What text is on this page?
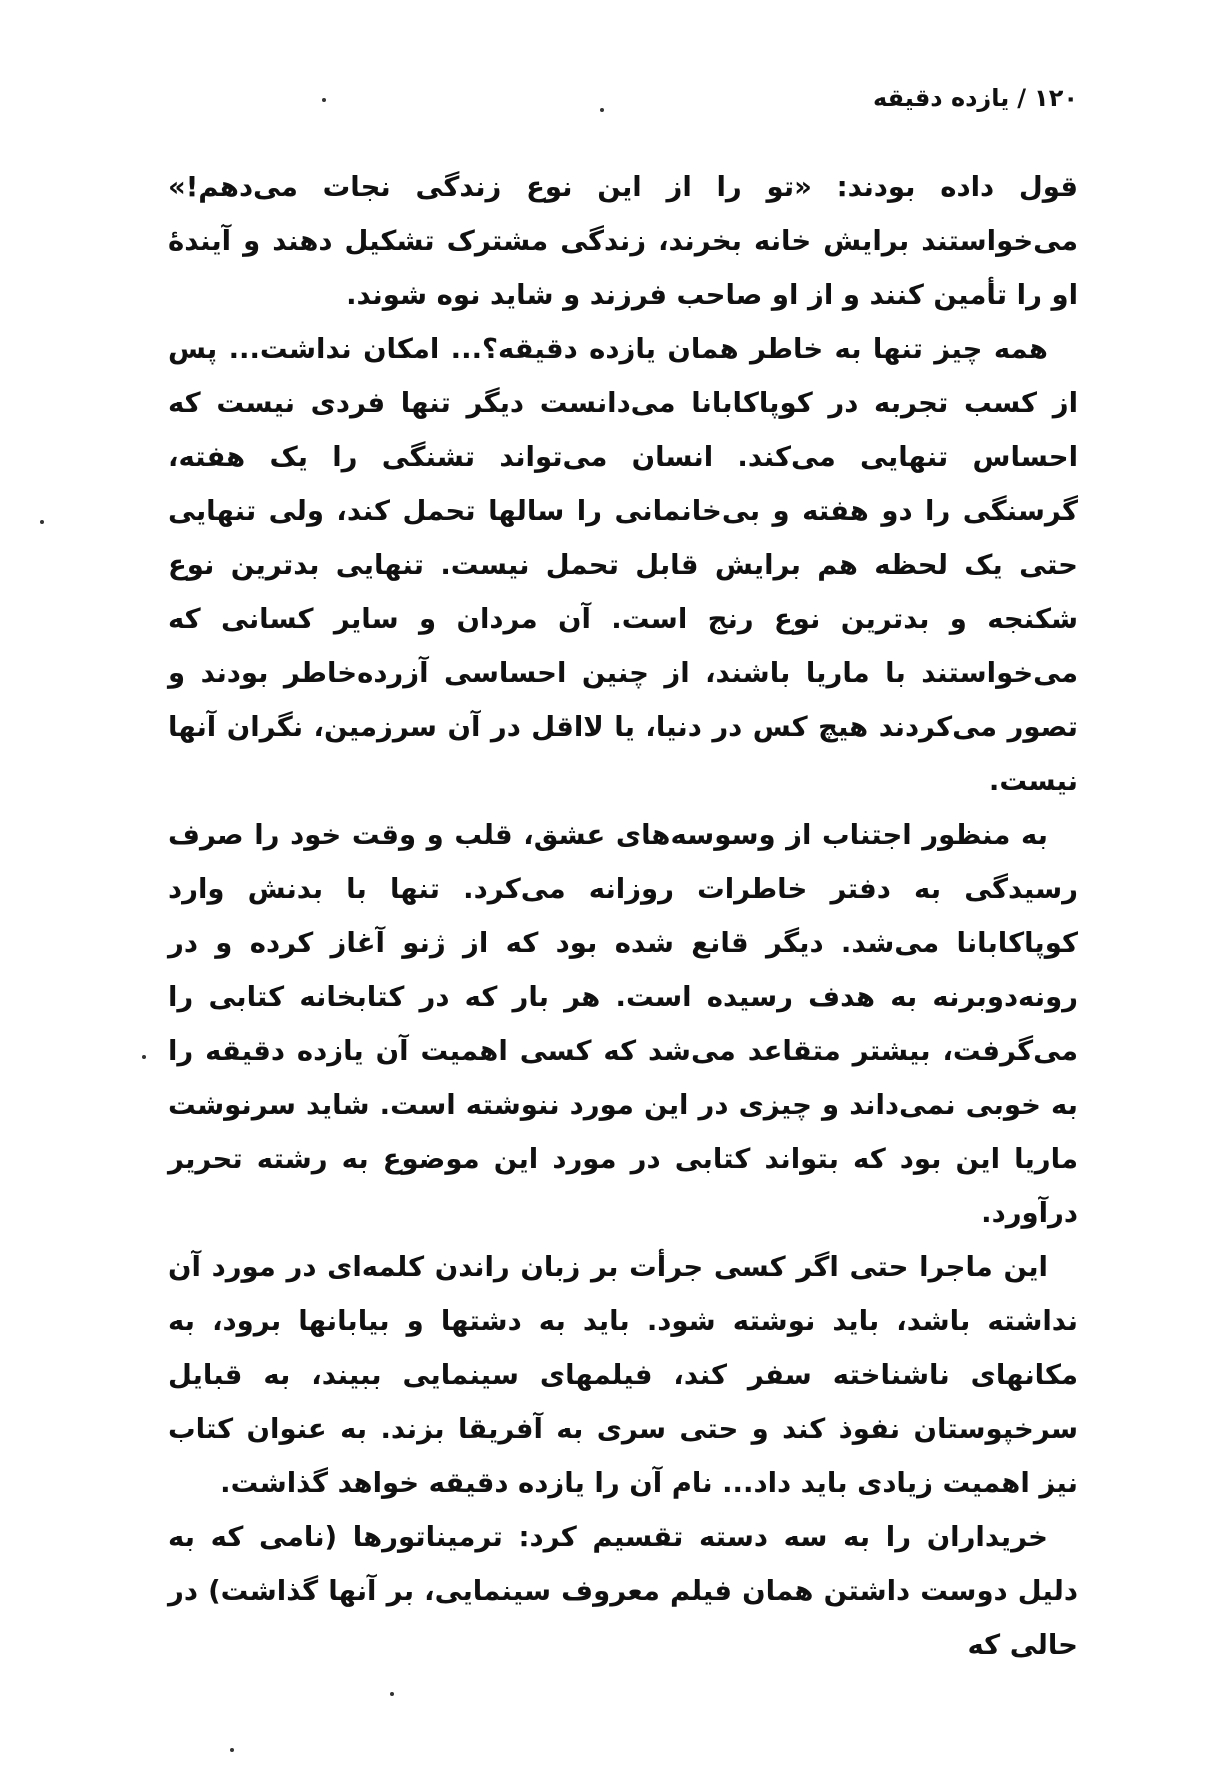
۱۲۰/یازده دقیقه

قول داده بودند: «تو را از این نوع زندگی نجات می‌دهم!» می‌خواستند برایش خانه بخرند، زندگی مشترک تشکیل دهند و آیندهٔ او را تأمین کنند و از او صاحب فرزند و شاید نوه شوند.

همه چیز تنها به خاطر همان یازده دقیقه؟... امکان نداشت... پس از کسب تجربه در کوپاکابانا می‌دانست دیگر تنها فردی نیست که احساس تنهایی می‌کند. انسان می‌تواند تشنگی را یک هفته، گرسنگی را دو هفته و بی‌خانمانی را سالها تحمل کند، ولی تنهایی حتی یک لحظه هم برایش قابل تحمل نیست. تنهایی بدترین نوع شکنجه و بدترین نوع رنج است. آن مردان و سایر کسانی که می‌خواستند با ماریا باشند، از چنین احساسی آزرده‌خاطر بودند و تصور می‌کردند هیچ کس در دنیا، یا لااقل در آن سرزمین، نگران آنها نیست.

به منظور اجتناب از وسوسه‌های عشق، قلب و وقت خود را صرف رسیدگی به دفتر خاطرات روزانه می‌کرد. تنها با بدنش وارد کوپاکابانا می‌شد. دیگر قانع شده بود که از ژنو آغاز کرده و در رونه‌دوبرنه به هدف رسیده است. هر بار که در کتابخانه کتابی را می‌گرفت، بیشتر متقاعد می‌شد که کسی اهمیت آن یازده دقیقه را به خوبی نمی‌داند و چیزی در این مورد ننوشته است. شاید سرنوشت ماریا این بود که بتواند کتابی در مورد این موضوع به رشته تحریر درآورد.

این ماجرا حتی اگر کسی جرأت بر زبان راندن کلمه‌ای در مورد آن نداشته باشد، باید نوشته شود. باید به دشتها و بیابانها برود، به مکانهای ناشناخته سفر کند، فیلمهای سینمایی ببیند، به قبایل سرخپوستان نفوذ کند و حتی سری به آفریقا بزند. به عنوان کتاب نیز اهمیت زیادی باید داد... نام آن را یازده دقیقه خواهد گذاشت.

خریداران را به سه دسته تقسیم کرد: ترمیناتورها (نامی که به دلیل دوست داشتن همان فیلم معروف سینمایی، بر آنها گذاشت) در حالی که
